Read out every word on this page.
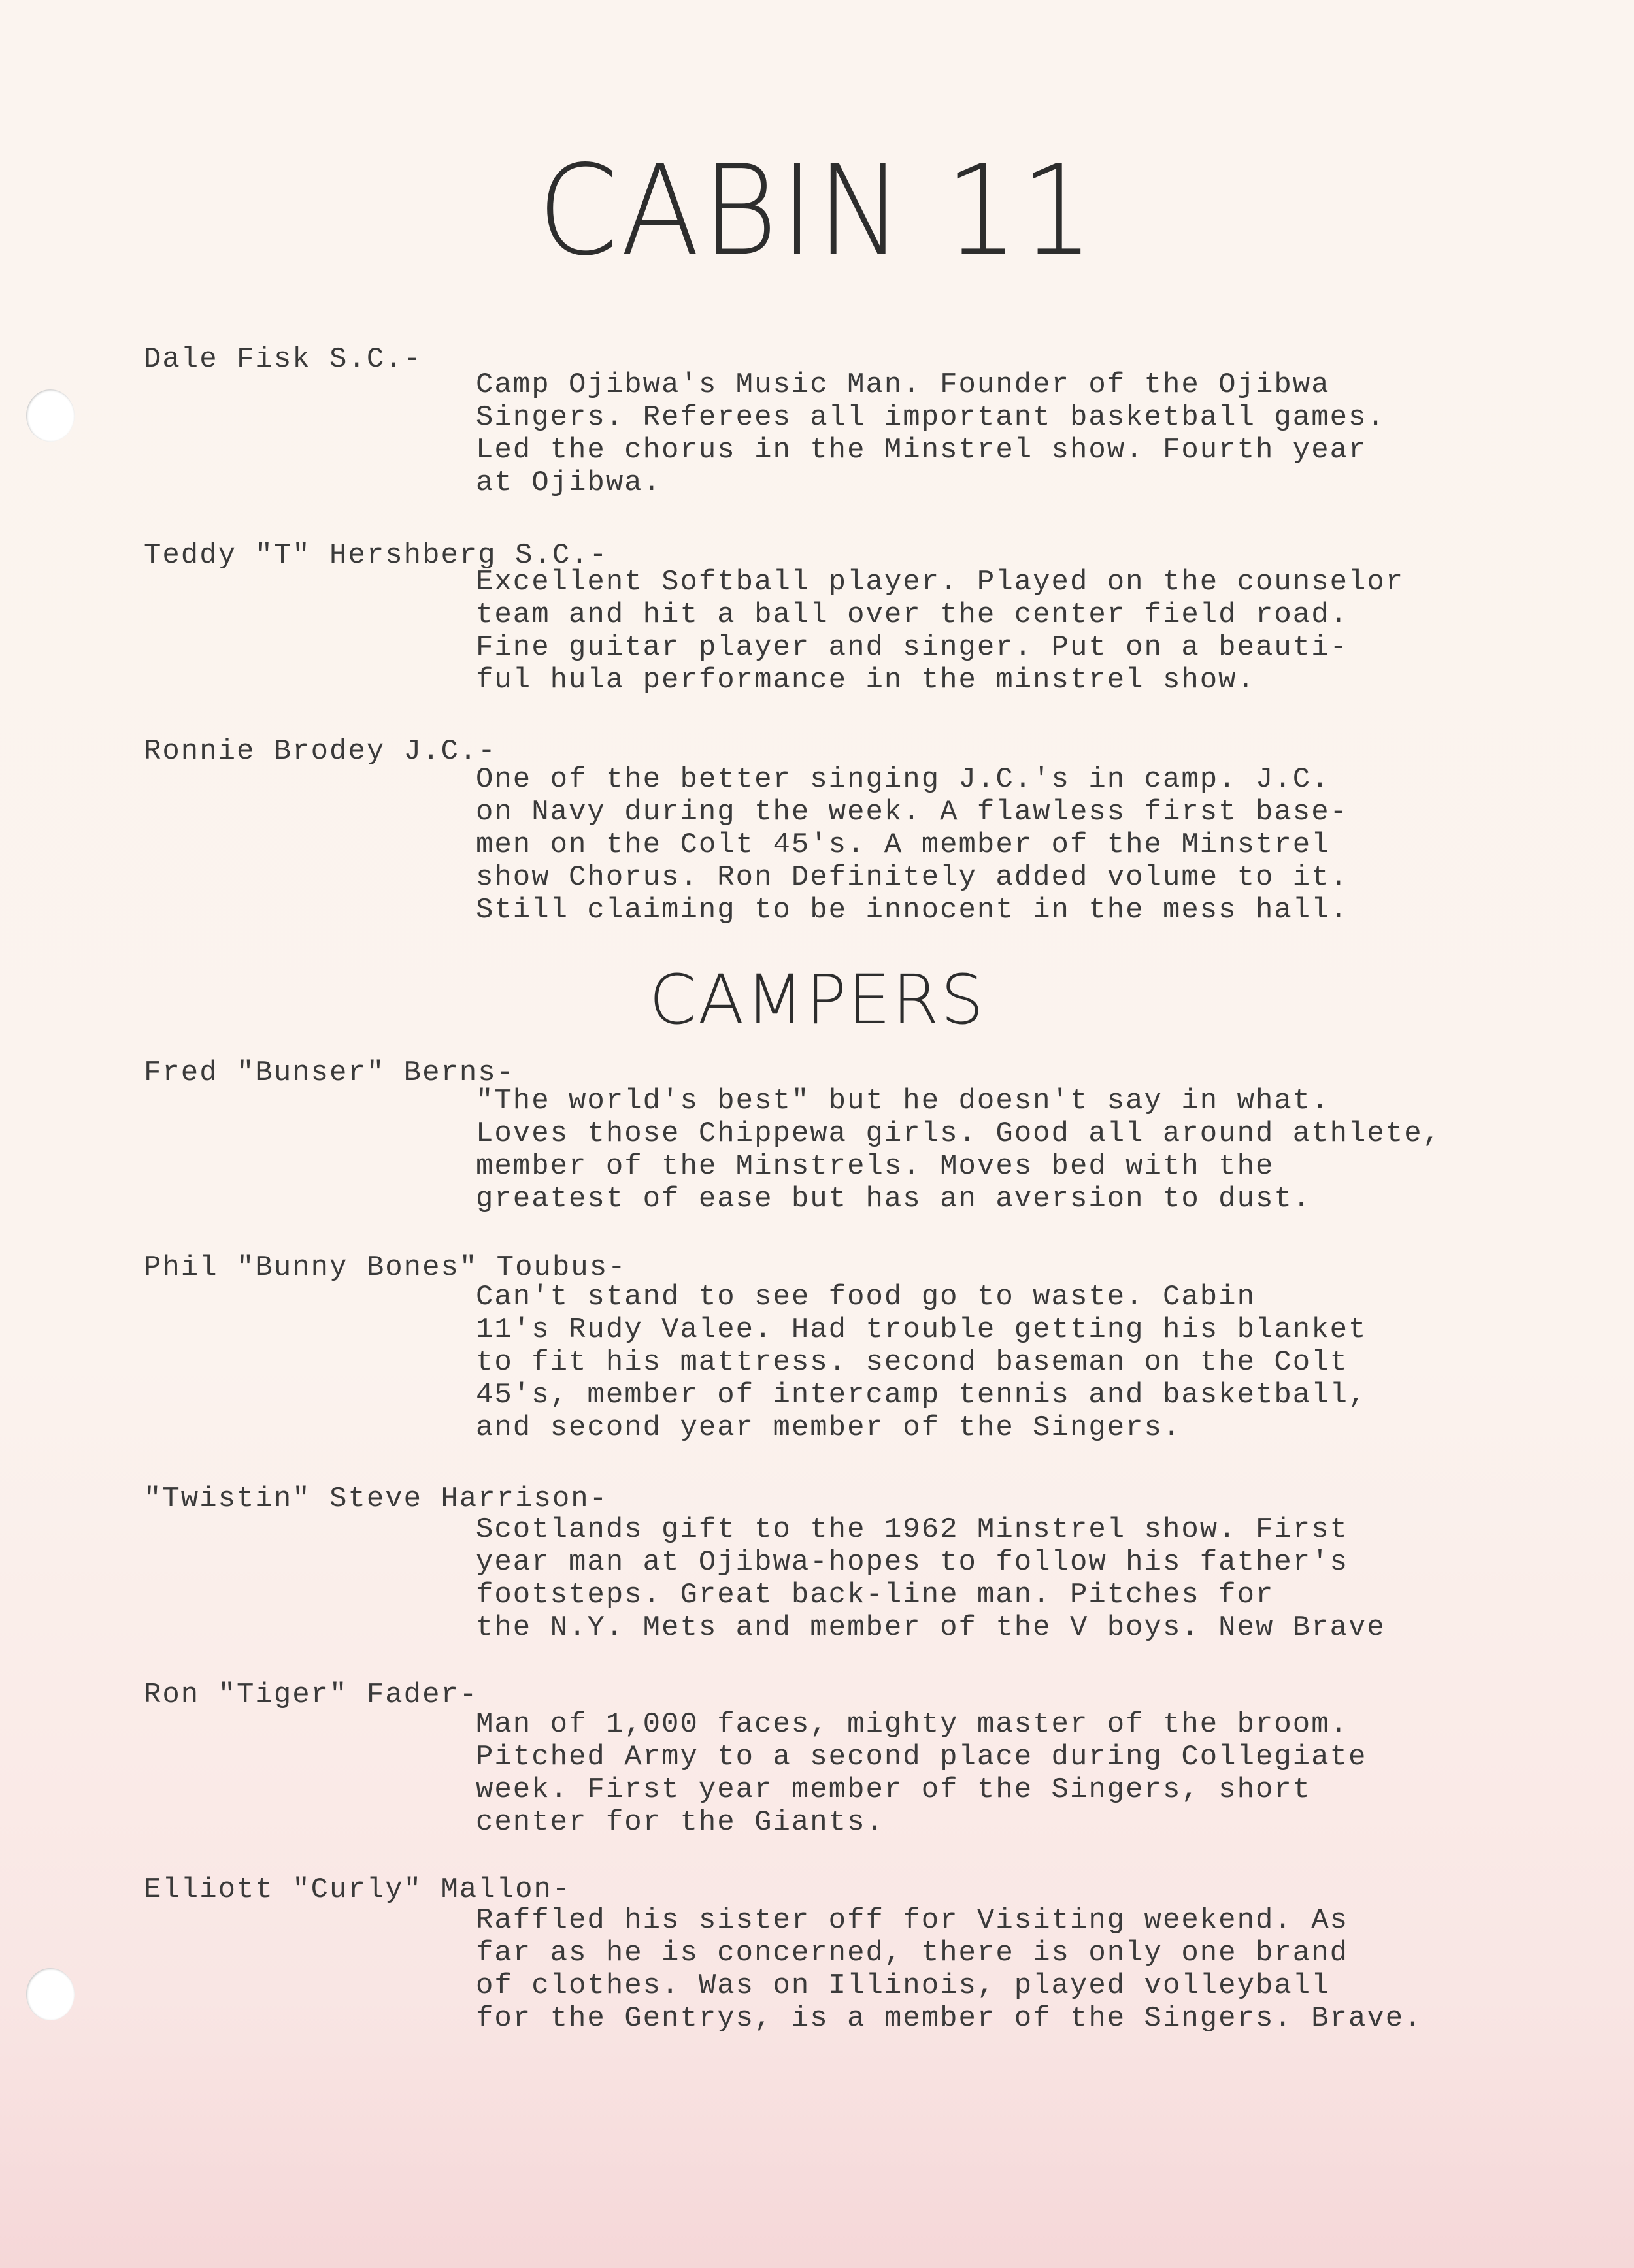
CABIN 11
Dale Fisk S.C.-

Camp Ojibwa's Music Man. Founder of the Ojibwa
Singers. Referees all important basketball games.
Led the chorus in the Minstrel show. Fourth year
at Ojibwa.

Teddy "T" Hershberg S.C.-

Excellent Softball player. Played on the counselor
team and hit a ball over the center field road.
Fine guitar player and singer. Put on a beauti-
ful hula performance in the minstrel show.

Ronnie Brodey J.C.-

One of the better singing J.C.'s in camp. J.C.
on Navy during the week. A flawless first base-
men on the Colt 45's. A member of the Minstrel
show Chorus. Ron Definitely added volume to it.
Still claiming to be innocent in the mess hall.

CAMPERS
Fred "Bunser" Berns-

"The world's best" but he doesn't say in what.
Loves those Chippewa girls. Good all around athlete,
member of the Minstrels. Moves bed with the
greatest of ease but has an aversion to dust.

Phil "Bunny Bones" Toubus-

Can't stand to see food go to waste. Cabin
11's Rudy Valee. Had trouble getting his blanket
to fit his mattress. second baseman on the Colt
45's, member of intercamp tennis and basketball,
and second year member of the Singers.

"Twistin" Steve Harrison-

Scotlands gift to the 1962 Minstrel show. First
year man at Ojibwa-hopes to follow his father's
footsteps. Great back-line man. Pitches for
the N.Y. Mets and member of the V boys. New Brave

Ron "Tiger" Fader-

Man of 1,000 faces, mighty master of the broom.
Pitched Army to a second place during Collegiate
week. First year member of the Singers, short
center for the Giants.

Elliott "Curly" Mallon-

Raffled his sister off for Visiting weekend. As
far as he is concerned, there is only one brand
of clothes. Was on Illinois, played volleyball
for the Gentrys, is a member of the Singers. Brave.
